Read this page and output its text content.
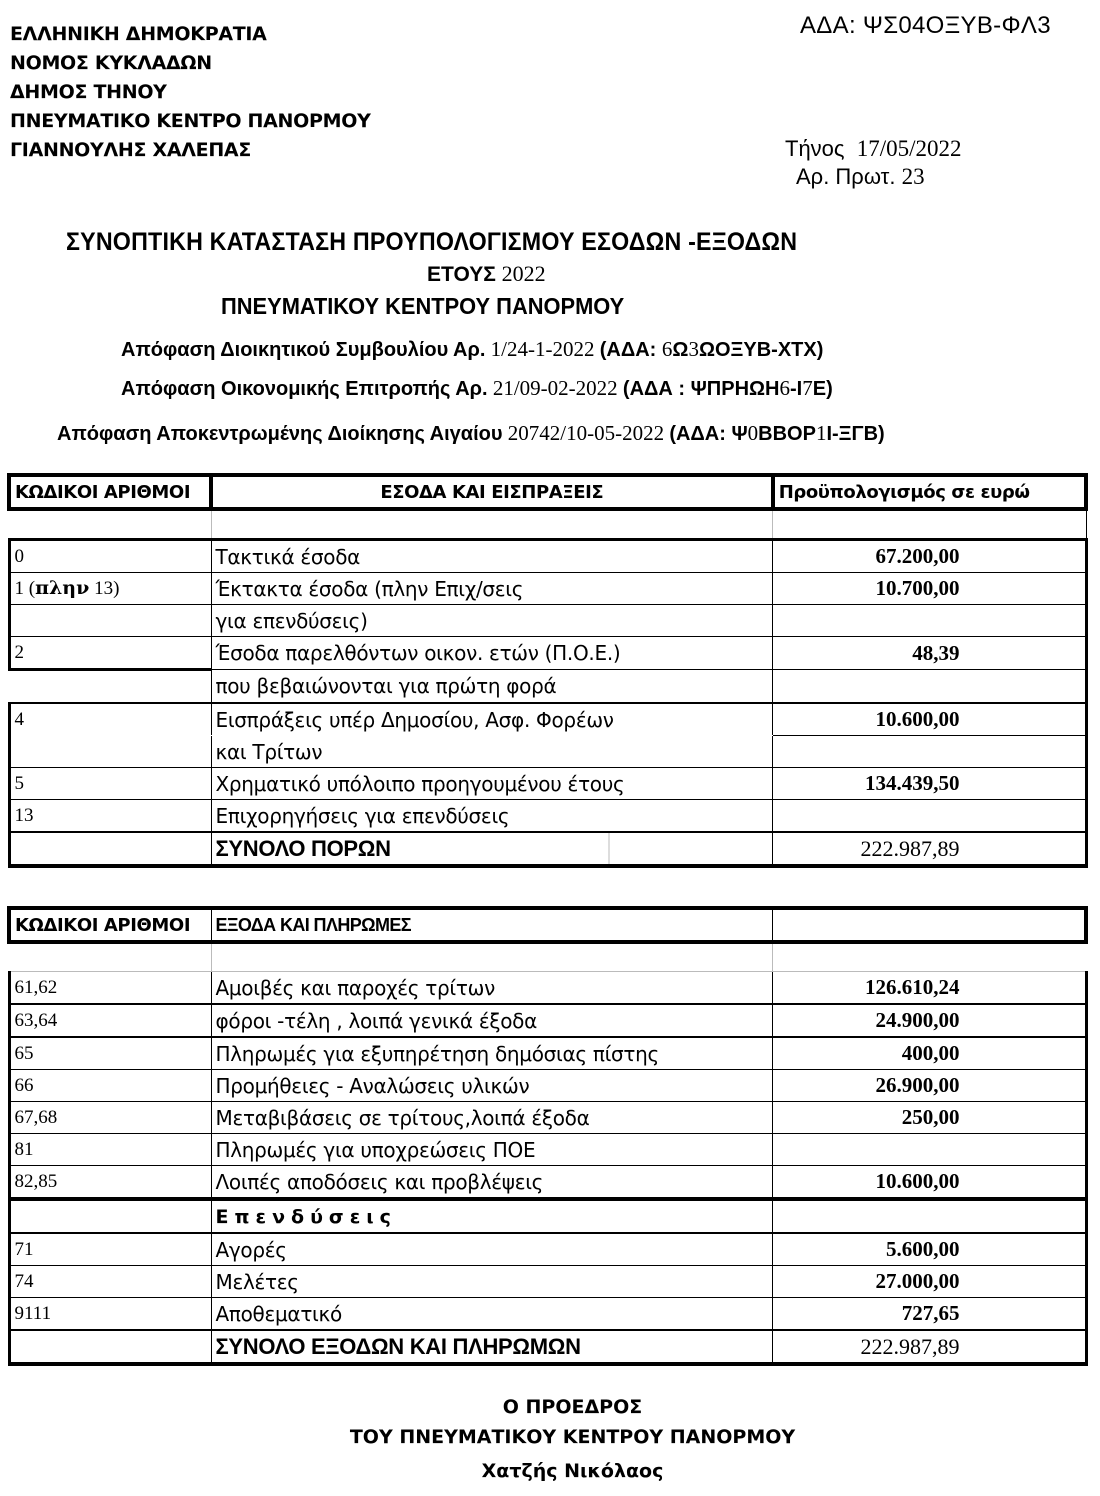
ΕΛΛΗΝΙΚΗ ΔΗΜΟΚΡΑΤΙΑ
ΝΟΜΟΣ ΚΥΚΛΑΔΩΝ
ΔΗΜΟΣ ΤΗΝΟΥ
ΠΝΕΥΜΑΤΙΚΟ ΚΕΝΤΡΟ ΠΑΝΟΡΜΟΥ
ΓΙΑΝΝΟΥΛΗΣ ΧΑΛΕΠΑΣ
ΑΔΑ: ΨΣ04ΟΞΥΒ-ΦΛ3
Τήνος 17/05/2022
Αρ. Πρωτ. 23
ΣΥΝΟΠΤΙΚΗ ΚΑΤΑΣΤΑΣΗ ΠΡΟΥΠΟΛΟΓΙΣΜΟΥ ΕΣΟΔΩΝ -ΕΞΟΔΩΝ
ΕΤΟΥΣ 2022
ΠΝΕΥΜΑΤΙΚΟΥ ΚΕΝΤΡΟΥ ΠΑΝΟΡΜΟΥ
Απόφαση Διοικητικού Συμβουλίου Αρ. 1/24-1-2022 (ΑΔΑ: 6Ω3ΩΟΞΥΒ-ΧΤΧ)
Απόφαση Οικονομικής Επιτροπής Αρ. 21/09-02-2022 (ΑΔΑ : ΨΠΡΗΩΗ6-Ι7Ε)
Απόφαση Αποκεντρωμένης Διοίκησης Αιγαίου 20742/10-05-2022 (ΑΔΑ: Ψ0ΒΒΟΡ1Ι-ΞΓΒ)
ΚΩΔΙΚΟΙ ΑΡΙΘΜΟΙ	ΕΣΟΔΑ ΚΑΙ ΕΙΣΠΡΑΞΕΙΣ	Προϋπολογισμός σε ευρώ

0	Τακτικά έσοδα	67.200,00
1 (πλην 13)	Έκτακτα έσοδα (πλην Επιχ/σεις	10.700,00
	για επενδύσεις)	
2	Έσοδα παρελθόντων οικον. ετών (Π.Ο.Ε.)	48,39
	που βεβαιώνονται για πρώτη φορά	
4	Εισπράξεις υπέρ Δημοσίου, Ασφ. Φορέων	10.600,00
	και Τρίτων	
5	Χρηματικό υπόλοιπο προηγουμένου έτους	134.439,50
13	Επιχορηγήσεις για επενδύσεις	
	ΣΥΝΟΛΟ ΠΟΡΩΝ	222.987,89
ΚΩΔΙΚΟΙ ΑΡΙΘΜΟΙ	ΕΞΟΔΑ ΚΑΙ ΠΛΗΡΩΜΕΣ	

61,62	Αμοιβές και παροχές τρίτων	126.610,24
63,64	φόροι -τέλη , λοιπά γενικά έξοδα	24.900,00
65	Πληρωμές για εξυπηρέτηση δημόσιας πίστης	400,00
66	Προμήθειες - Αναλώσεις υλικών	26.900,00
67,68	Μεταβιβάσεις σε τρίτους,λοιπά έξοδα	250,00
81	Πληρωμές για υποχρεώσεις ΠΟΕ	
82,85	Λοιπές αποδόσεις και προβλέψεις	10.600,00
	Επενδύσεις	
71	Αγορές	5.600,00
74	Μελέτες	27.000,00
9111	Αποθεματικό	727,65
	ΣΥΝΟΛΟ ΕΞΟΔΩΝ ΚΑΙ ΠΛΗΡΩΜΩΝ	222.987,89
Ο ΠΡΟΕΔΡΟΣ
ΤΟΥ ΠΝΕΥΜΑΤΙΚΟΥ ΚΕΝΤΡΟΥ ΠΑΝΟΡΜΟΥ
Χατζής Νικόλαος
